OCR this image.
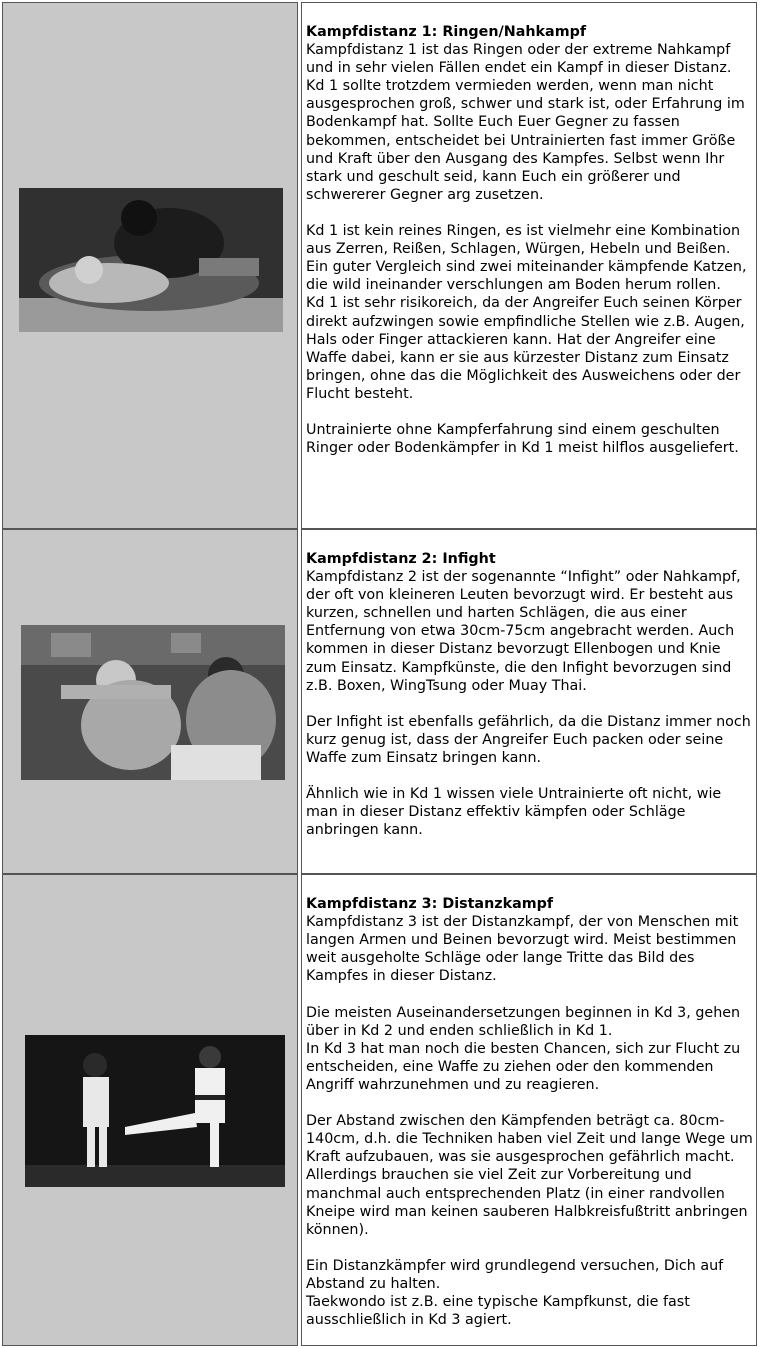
Kampfdistanz 1: Ringen/Nahkampf

Kampfdistanz 1 ist das Ringen oder der extreme Nahkampf und in sehr vielen Fällen endet ein Kampf in dieser Distanz. Kd 1 sollte trotzdem vermieden werden, wenn man nicht ausgesprochen groß, schwer und stark ist, oder Erfahrung im Bodenkampf hat. Sollte Euch Euer Gegner zu fassen bekommen, entscheidet bei Untrainierten fast immer Größe und Kraft über den Ausgang des Kampfes. Selbst wenn Ihr stark und geschult seid, kann Euch ein größerer und schwererer Gegner arg zusetzen.

Kd 1 ist kein reines Ringen, es ist vielmehr eine Kombination aus Zerren, Reißen, Schlagen, Würgen, Hebeln und Beißen. Ein guter Vergleich sind zwei miteinander kämpfende Katzen, die wild ineinander verschlungen am Boden herum rollen.

Kd 1 ist sehr risikoreich, da der Angreifer Euch seinen Körper direkt aufzwingen sowie empfindliche Stellen wie z.B. Augen, Hals oder Finger attackieren kann. Hat der Angreifer eine Waffe dabei, kann er sie aus kürzester Distanz zum Einsatz bringen, ohne das die Möglichkeit des Ausweichens oder der Flucht besteht.

Untrainierte ohne Kampferfahrung sind einem geschulten Ringer oder Bodenkämpfer in Kd 1 meist hilflos ausgeliefert.

Kampfdistanz 2: Infight

Kampfdistanz 2 ist der sogenannte “Infight” oder Nahkampf, der oft von kleineren Leuten bevorzugt wird. Er besteht aus kurzen, schnellen und harten Schlägen, die aus einer Entfernung von etwa 30cm-75cm angebracht werden. Auch kommen in dieser Distanz bevorzugt Ellenbogen und Knie zum Einsatz. Kampfkünste, die den Infight bevorzugen sind z.B. Boxen, WingTsung oder Muay Thai.

Der Infight ist ebenfalls gefährlich, da die Distanz immer noch kurz genug ist, dass der Angreifer Euch packen oder seine Waffe zum Einsatz bringen kann.

Ähnlich wie in Kd 1 wissen viele Untrainierte oft nicht, wie man in dieser Distanz effektiv kämpfen oder Schläge anbringen kann.

Kampfdistanz 3: Distanzkampf

Kampfdistanz 3 ist der Distanzkampf, der von Menschen mit langen Armen und Beinen bevorzugt wird. Meist bestimmen weit ausgeholte Schläge oder lange Tritte das Bild des Kampfes in dieser Distanz.

Die meisten Auseinandersetzungen beginnen in Kd 3, gehen über in Kd 2 und enden schließlich in Kd 1.

In Kd 3 hat man noch die besten Chancen, sich zur Flucht zu entscheiden, eine Waffe zu ziehen oder den kommenden Angriff wahrzunehmen und zu reagieren.

Der Abstand zwischen den Kämpfenden beträgt ca. 80cm-140cm, d.h. die Techniken haben viel Zeit und lange Wege um Kraft aufzubauen, was sie ausgesprochen gefährlich macht. Allerdings brauchen sie viel Zeit zur Vorbereitung und manchmal auch entsprechenden Platz (in einer randvollen Kneipe wird man keinen sauberen Halbkreisfußtritt anbringen können).

Ein Distanzkämpfer wird grundlegend versuchen, Dich auf Abstand zu halten.

Taekwondo ist z.B. eine typische Kampfkunst, die fast ausschließlich in Kd 3 agiert.
